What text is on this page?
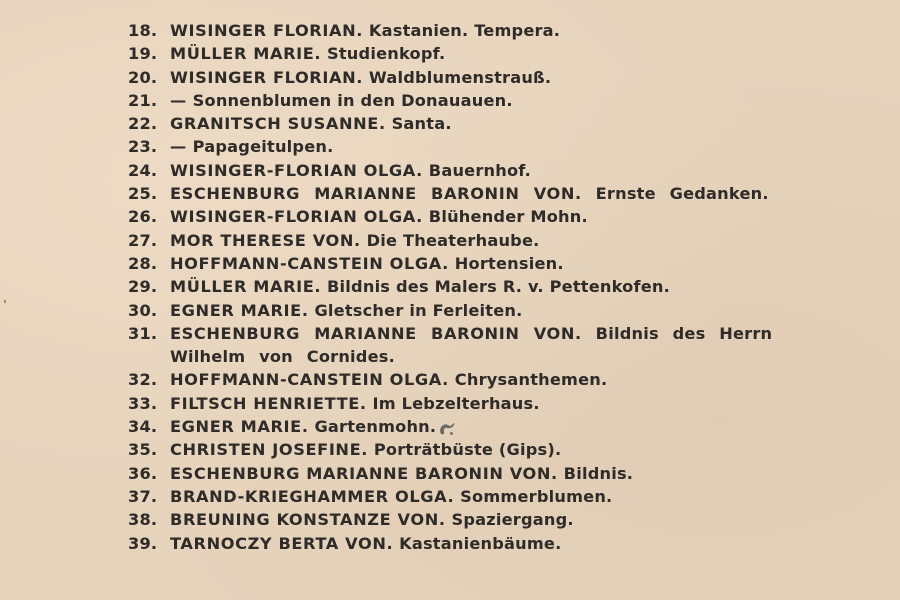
18. WISINGER FLORIAN. Kastanien. Tempera.
19. MÜLLER MARIE. Studienkopf.
20. WISINGER FLORIAN. Waldblumenstrauß.
21. — Sonnenblumen in den Donauauen.
22. GRANITSCH SUSANNE. Santa.
23. — Papageitulpen.
24. WISINGER-FLORIAN OLGA. Bauernhof.
25. ESCHENBURG MARIANNE BARONIN VON. Ernste Gedanken.
26. WISINGER-FLORIAN OLGA. Blühender Mohn.
27. MOR THERESE VON. Die Theaterhaube.
28. HOFFMANN-CANSTEIN OLGA. Hortensien.
29. MÜLLER MARIE. Bildnis des Malers R. v. Pettenkofen.
30. EGNER MARIE. Gletscher in Ferleiten.
31. ESCHENBURG MARIANNE BARONIN VON. Bildnis des Herrn Wilhelm von Cornides.
32. HOFFMANN-CANSTEIN OLGA. Chrysanthemen.
33. FILTSCH HENRIETTE. Im Lebzelterhaus.
34. EGNER MARIE. Gartenmohn.
35. CHRISTEN JOSEFINE. Porträtbüste (Gips).
36. ESCHENBURG MARIANNE BARONIN VON. Bildnis.
37. BRAND-KRIEGHAMMER OLGA. Sommerblumen.
38. BREUNING KONSTANZE VON. Spaziergang.
39. TARNOCZY BERTA VON. Kastanienbäume.
